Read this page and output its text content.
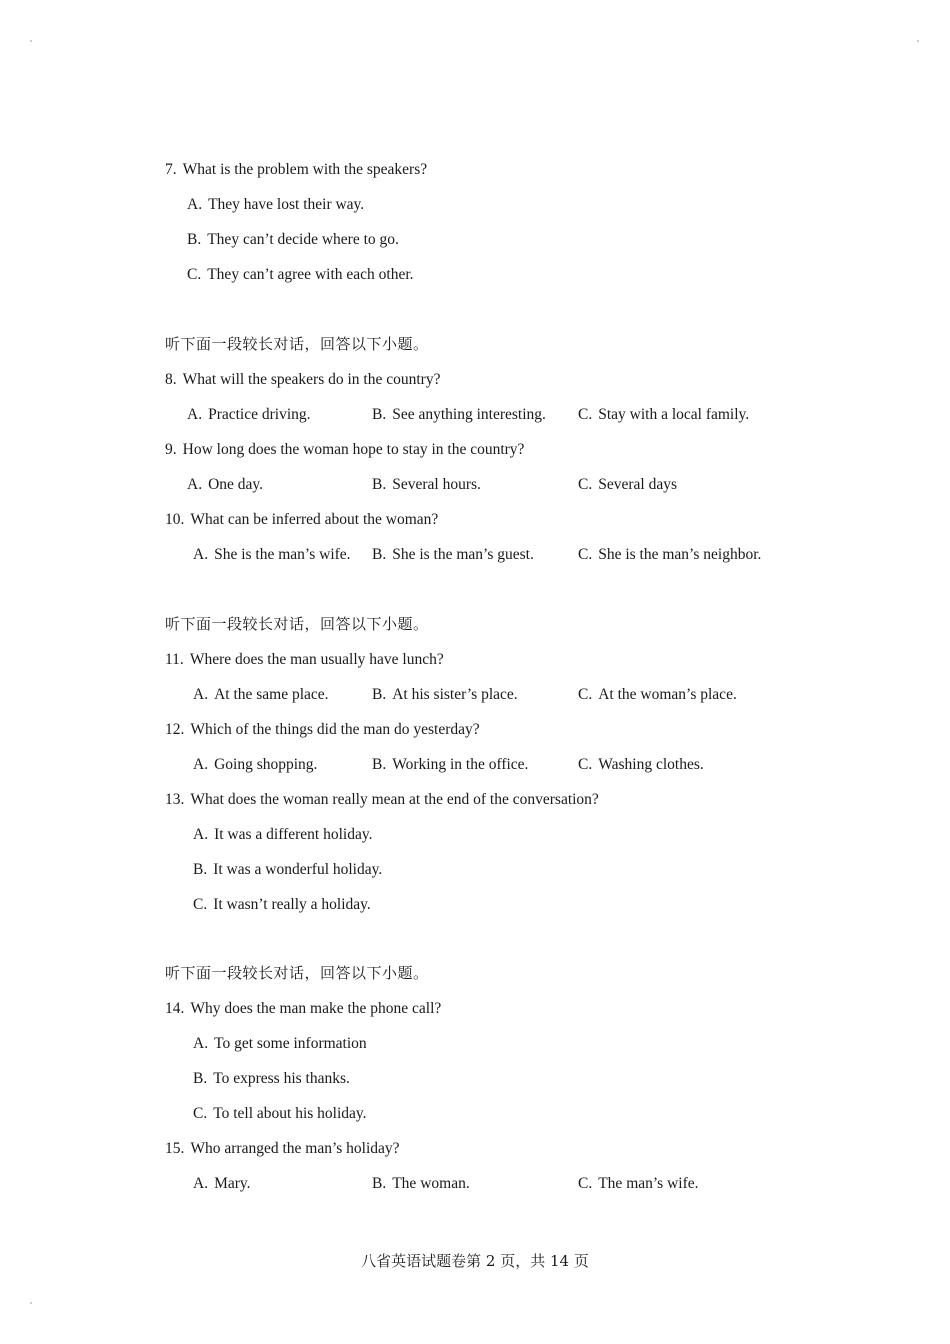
7. What is the problem with the speakers?
A. They have lost their way.
B. They can’t decide where to go.
C. They can’t agree with each other.
听下面一段较长对话，回答以下小题。
8. What will the speakers do in the country?
A. Practice driving.	B. See anything interesting. C. Stay with a local family.
9. How long does the woman hope to stay in the country?
A. One day.	B. Several hours.	C. Several days
10. What can be inferred about the woman?
A. She is the man’s wife. B. She is the man’s guest.	C. She is the man’s neighbor.
听下面一段较长对话，回答以下小题。
11. Where does the man usually have lunch?
A. At the same place.	B. At his sister’s place.	C. At the woman’s place.
12. Which of the things did the man do yesterday?
A. Going shopping.	B. Working in the office.	C. Washing clothes.
13. What does the woman really mean at the end of the conversation?
A. It was a different holiday.
B. It was a wonderful holiday.
C. It wasn’t really a holiday.
听下面一段较长对话，回答以下小题。
14. Why does the man make the phone call?
A. To get some information
B. To express his thanks.
C. To tell about his holiday.
15. Who arranged the man’s holiday?
A. Mary.	B. The woman.	C. The man’s wife.
八省英语试题卷第 2 页，共 14 页
